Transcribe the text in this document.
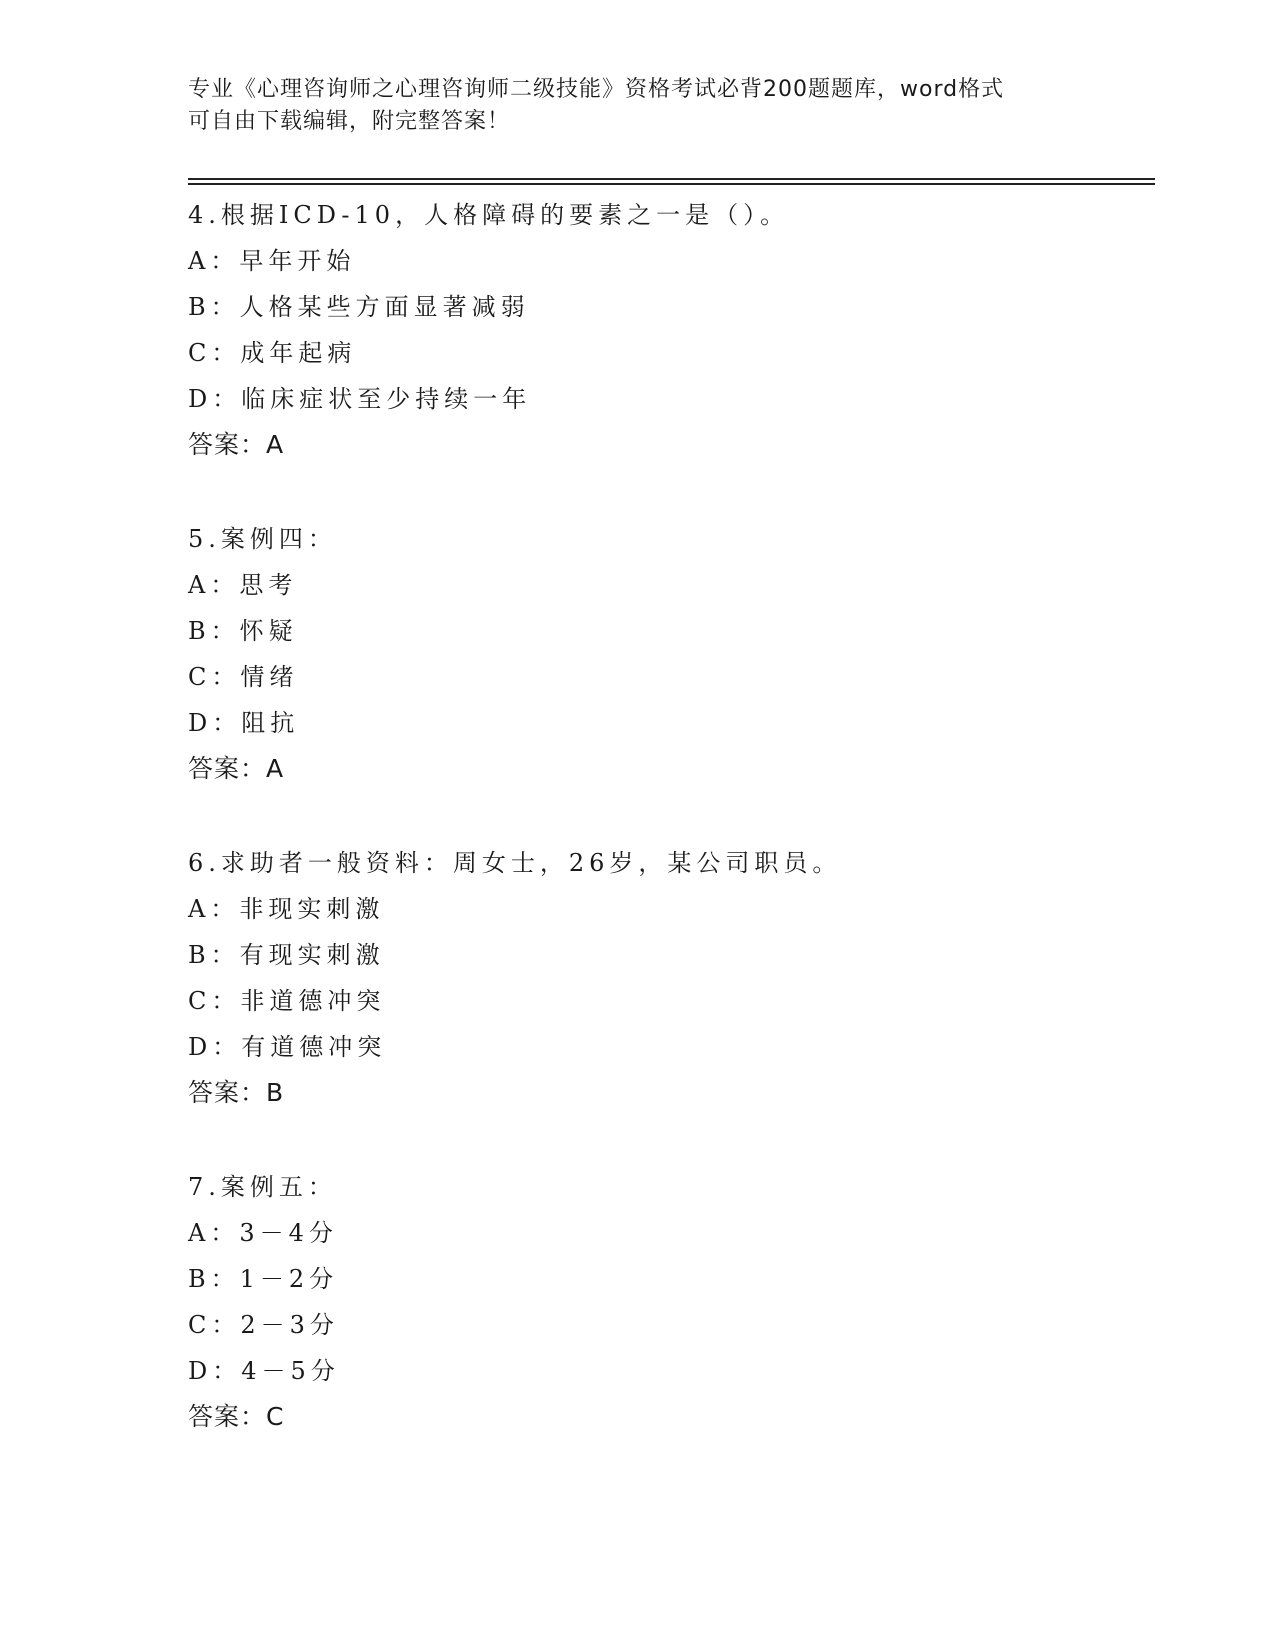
专业《心理咨询师之心理咨询师二级技能》资格考试必背200题题库，word格式
可自由下载编辑，附完整答案！
4.根据ICD-10，人格障碍的要素之一是（）。
A：早年开始
B：人格某些方面显著减弱
C：成年起病
D：临床症状至少持续一年
答案：A
5.案例四：
A：思考
B：怀疑
C：情绪
D：阻抗
答案：A
6.求助者一般资料：周女士，26岁，某公司职员。
A：非现实刺激
B：有现实刺激
C：非道德冲突
D：有道德冲突
答案：B
7.案例五：
A：3－4分
B：1－2分
C：2－3分
D：4－5分
答案：C
